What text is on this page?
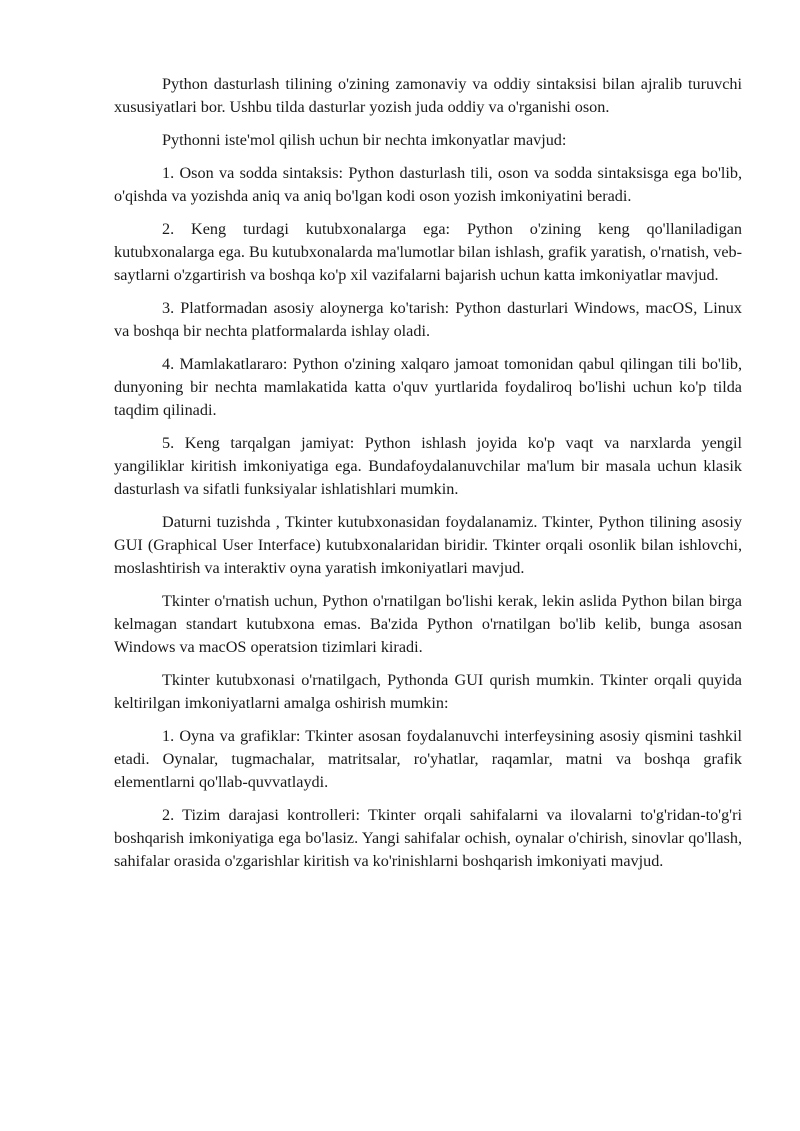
Python dasturlash tilining o'zining zamonaviy va oddiy sintaksisi bilan ajralib turuvchi xususiyatlari bor. Ushbu tilda dasturlar yozish juda oddiy va o'rganishi oson.

Pythonni iste'mol qilish uchun bir nechta imkonyatlar mavjud:

1. Oson va sodda sintaksis: Python dasturlash tili, oson va sodda sintaksisga ega bo'lib, o'qishda va yozishda aniq va aniq bo'lgan kodi oson yozish imkoniyatini beradi.

2. Keng turdagi kutubxonalarga ega: Python o'zining keng qo'llaniladigan kutubxonalarga ega. Bu kutubxonalarda ma'lumotlar bilan ishlash, grafik yaratish, o'rnatish, veb-saytlarni o'zgartirish va boshqa ko'p xil vazifalarni bajarish uchun katta imkoniyatlar mavjud.

3. Platformadan asosiy aloynerga ko'tarish: Python dasturlari Windows, macOS, Linux va boshqa bir nechta platformalarda ishlay oladi.

4. Mamlakatlararo: Python o'zining xalqaro jamoat tomonidan qabul qilingan tili bo'lib, dunyoning bir nechta mamlakatida katta o'quv yurtlarida foydaliroq bo'lishi uchun ko'p tilda taqdim qilinadi.

5. Keng tarqalgan jamiyat: Python ishlash joyida ko'p vaqt va narxlarda yengil yangiliklar kiritish imkoniyatiga ega. Bundafoydalanuvchilar ma'lum bir masala uchun klasik dasturlash va sifatli funksiyalar ishlatishlari mumkin.

Daturni tuzishda , Tkinter kutubxonasidan foydalanamiz. Tkinter, Python tilining asosiy GUI (Graphical User Interface) kutubxonalaridan biridir. Tkinter orqali osonlik bilan ishlovchi, moslashtirish va interaktiv oyna yaratish imkoniyatlari mavjud.

Tkinter o'rnatish uchun, Python o'rnatilgan bo'lishi kerak, lekin aslida Python bilan birga kelmagan standart kutubxona emas. Ba'zida Python o'rnatilgan bo'lib kelib, bunga asosan Windows va macOS operatsion tizimlari kiradi.

Tkinter kutubxonasi o'rnatilgach, Pythonda GUI qurish mumkin. Tkinter orqali quyida keltirilgan imkoniyatlarni amalga oshirish mumkin:

1. Oyna va grafiklar: Tkinter asosan foydalanuvchi interfeysining asosiy qismini tashkil etadi. Oynalar, tugmachalar, matritsalar, ro'yhatlar, raqamlar, matni va boshqa grafik elementlarni qo'llab-quvvatlaydi.

2. Tizim darajasi kontrolleri: Tkinter orqali sahifalarni va ilovalarni to'g'ridan-to'g'ri boshqarish imkoniyatiga ega bo'lasiz. Yangi sahifalar ochish, oynalar o'chirish, sinovlar qo'llash, sahifalar orasida o'zgarishlar kiritish va ko'rinishlarni boshqarish imkoniyati mavjud.
